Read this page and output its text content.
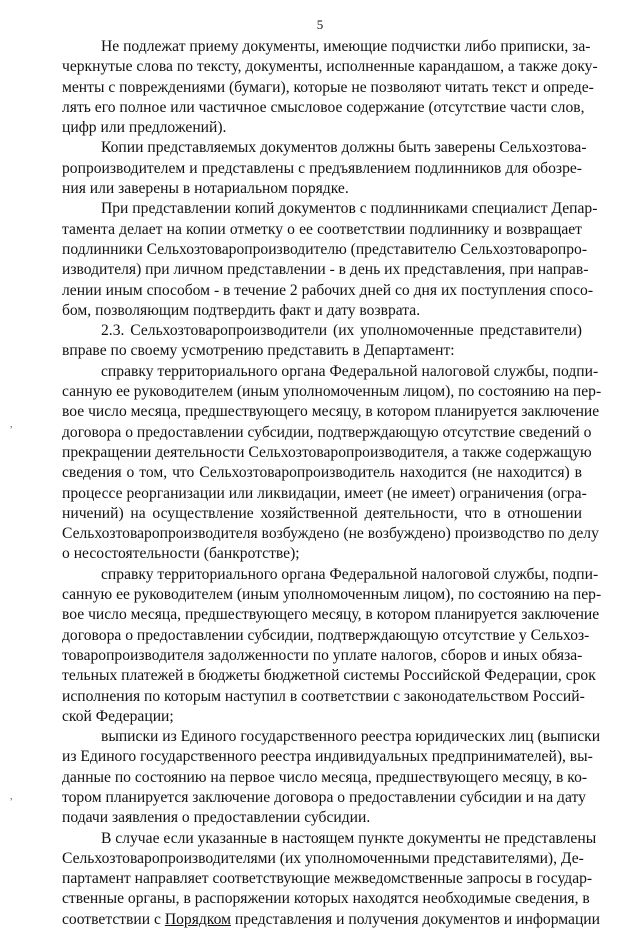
5
,
,
Не подлежат приему документы, имеющие подчистки либо приписки, за-
черкнутые слова по тексту, документы, исполненные карандашом, а также доку-
менты с повреждениями (бумаги), которые не позволяют читать текст и опреде-
лять его полное или частичное смысловое содержание (отсутствие части слов,
цифр или предложений).
Копии представляемых документов должны быть заверены Сельхозтова-
ропроизводителем и представлены с предъявлением подлинников для обозре-
ния или заверены в нотариальном порядке.
При представлении копий документов с подлинниками специалист Депар-
тамента делает на копии отметку о ее соответствии подлиннику и возвращает
подлинники Сельхозтоваропроизводителю (представителю Сельхозтоваропро-
изводителя) при личном представлении - в день их представления, при направ-
лении иным способом - в течение 2 рабочих дней со дня их поступления спосо-
бом, позволяющим подтвердить факт и дату возврата.
2.3. Сельхозтоваропроизводители (их уполномоченные представители)
вправе по своему усмотрению представить в Департамент:
справку территориального органа Федеральной налоговой службы, подпи-
санную ее руководителем (иным уполномоченным лицом), по состоянию на пер-
вое число месяца, предшествующего месяцу, в котором планируется заключение
договора о предоставлении субсидии, подтверждающую отсутствие сведений о
прекращении деятельности Сельхозтоваропроизводителя, а также содержащую
сведения о том, что Сельхозтоваропроизводитель находится (не находится) в
процессе реорганизации или ликвидации, имеет (не имеет) ограничения (огра-
ничений) на осуществление хозяйственной деятельности, что в отношении
Сельхозтоваропроизводителя возбуждено (не возбуждено) производство по делу
о несостоятельности (банкротстве);
справку территориального органа Федеральной налоговой службы, подпи-
санную ее руководителем (иным уполномоченным лицом), по состоянию на пер-
вое число месяца, предшествующего месяцу, в котором планируется заключение
договора о предоставлении субсидии, подтверждающую отсутствие у Сельхоз-
товаропроизводителя задолженности по уплате налогов, сборов и иных обяза-
тельных платежей в бюджеты бюджетной системы Российской Федерации, срок
исполнения по которым наступил в соответствии с законодательством Россий-
ской Федерации;
выписки из Единого государственного реестра юридических лиц (выписки
из Единого государственного реестра индивидуальных предпринимателей), вы-
данные по состоянию на первое число месяца, предшествующего месяцу, в ко-
тором планируется заключение договора о предоставлении субсидии и на дату
подачи заявления о предоставлении субсидии.
В случае если указанные в настоящем пункте документы не представлены
Сельхозтоваропроизводителями (их уполномоченными представителями), Де-
партамент направляет соответствующие межведомственные запросы в государ-
ственные органы, в распоряжении которых находятся необходимые сведения, в
соответствии с Порядком представления и получения документов и информации
